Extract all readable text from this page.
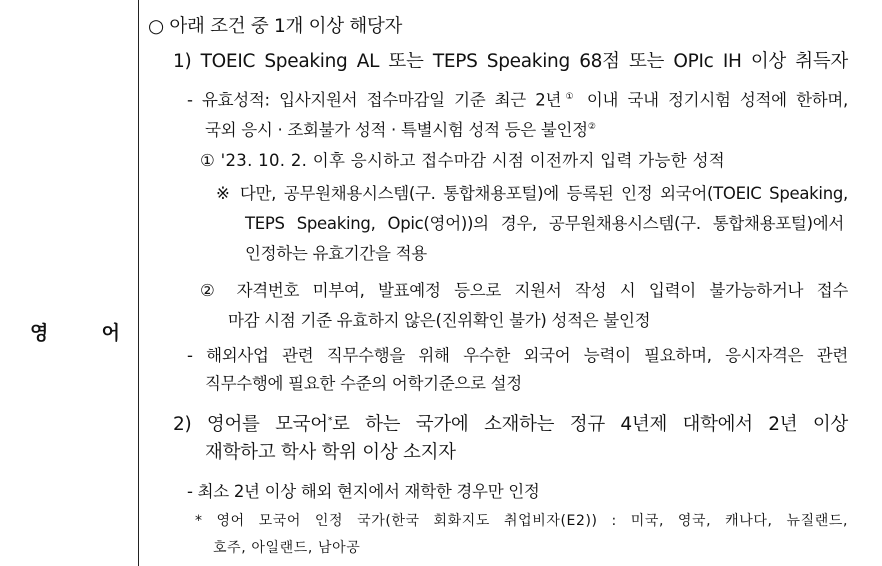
영	어
○ 아래 조건 중 1개 이상 해당자
1) TOEIC Speaking AL 또는 TEPS Speaking 68점 또는 OPIc IH 이상 취득자
- 유효성적: 입사지원서 접수마감일 기준 최근 2년① 이내 국내 정기시험 성적에 한하며,
국외 응시 · 조회불가 성적 · 특별시험 성적 등은 불인정②
① '23. 10. 2. 이후 응시하고 접수마감 시점 이전까지 입력 가능한 성적
※ 다만, 공무원채용시스템(구. 통합채용포털)에 등록된 인정 외국어(TOEIC Speaking,
TEPS Speaking, Opic(영어))의 경우, 공무원채용시스템(구. 통합채용포털)에서
인정하는 유효기간을 적용
② 자격번호 미부여, 발표예정 등으로 지원서 작성 시 입력이 불가능하거나 접수
마감 시점 기준 유효하지 않은(진위확인 불가) 성적은 불인정
- 해외사업 관련 직무수행을 위해 우수한 외국어 능력이 필요하며, 응시자격은 관련
직무수행에 필요한 수준의 어학기준으로 설정
2) 영어를 모국어*로 하는 국가에 소재하는 정규 4년제 대학에서 2년 이상
재학하고 학사 학위 이상 소지자
- 최소 2년 이상 해외 현지에서 재학한 경우만 인정
* 영어 모국어 인정 국가(한국 회화지도 취업비자(E2)) : 미국, 영국, 캐나다, 뉴질랜드,
호주, 아일랜드, 남아공
